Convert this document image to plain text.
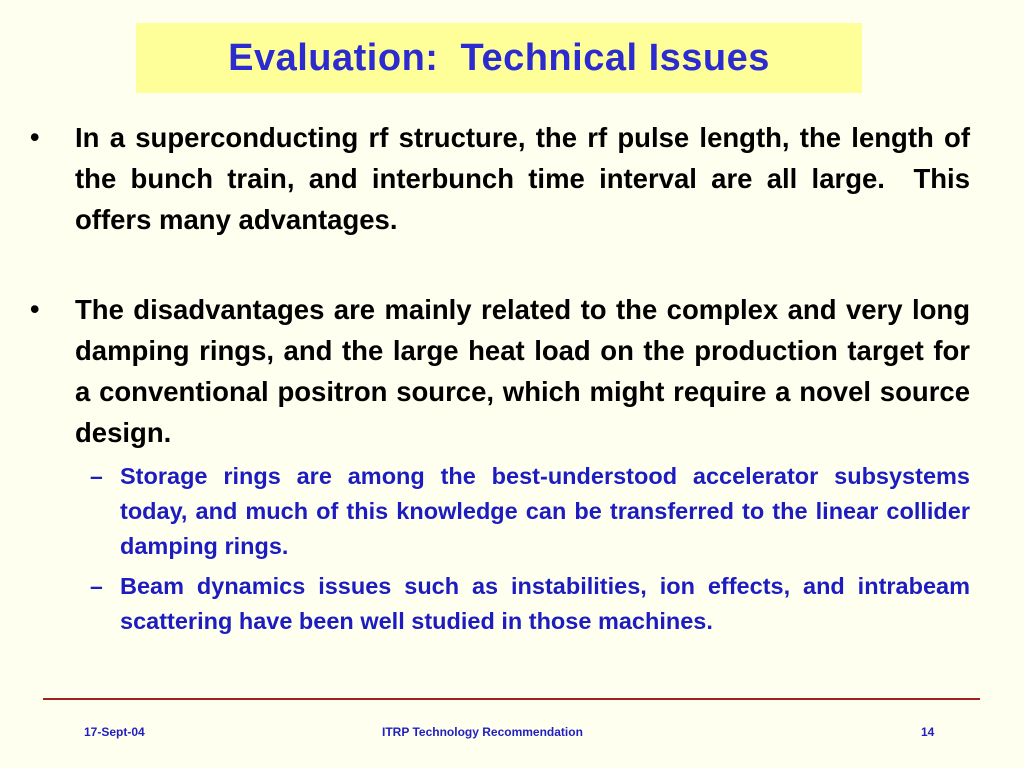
Evaluation:  Technical Issues
• In a superconducting rf structure, the rf pulse length, the length of the bunch train, and interbunch time interval are all large.  This offers many advantages.
• The disadvantages are mainly related to the complex and very long damping rings, and the large heat load on the production target for a conventional positron source, which might require a novel source design.
– Storage rings are among the best-understood accelerator subsystems today, and much of this knowledge can be transferred to the linear collider damping rings.
– Beam dynamics issues such as instabilities, ion effects, and intrabeam scattering have been well studied in those machines.
17-Sept-04	ITRP Technology Recommendation	14
